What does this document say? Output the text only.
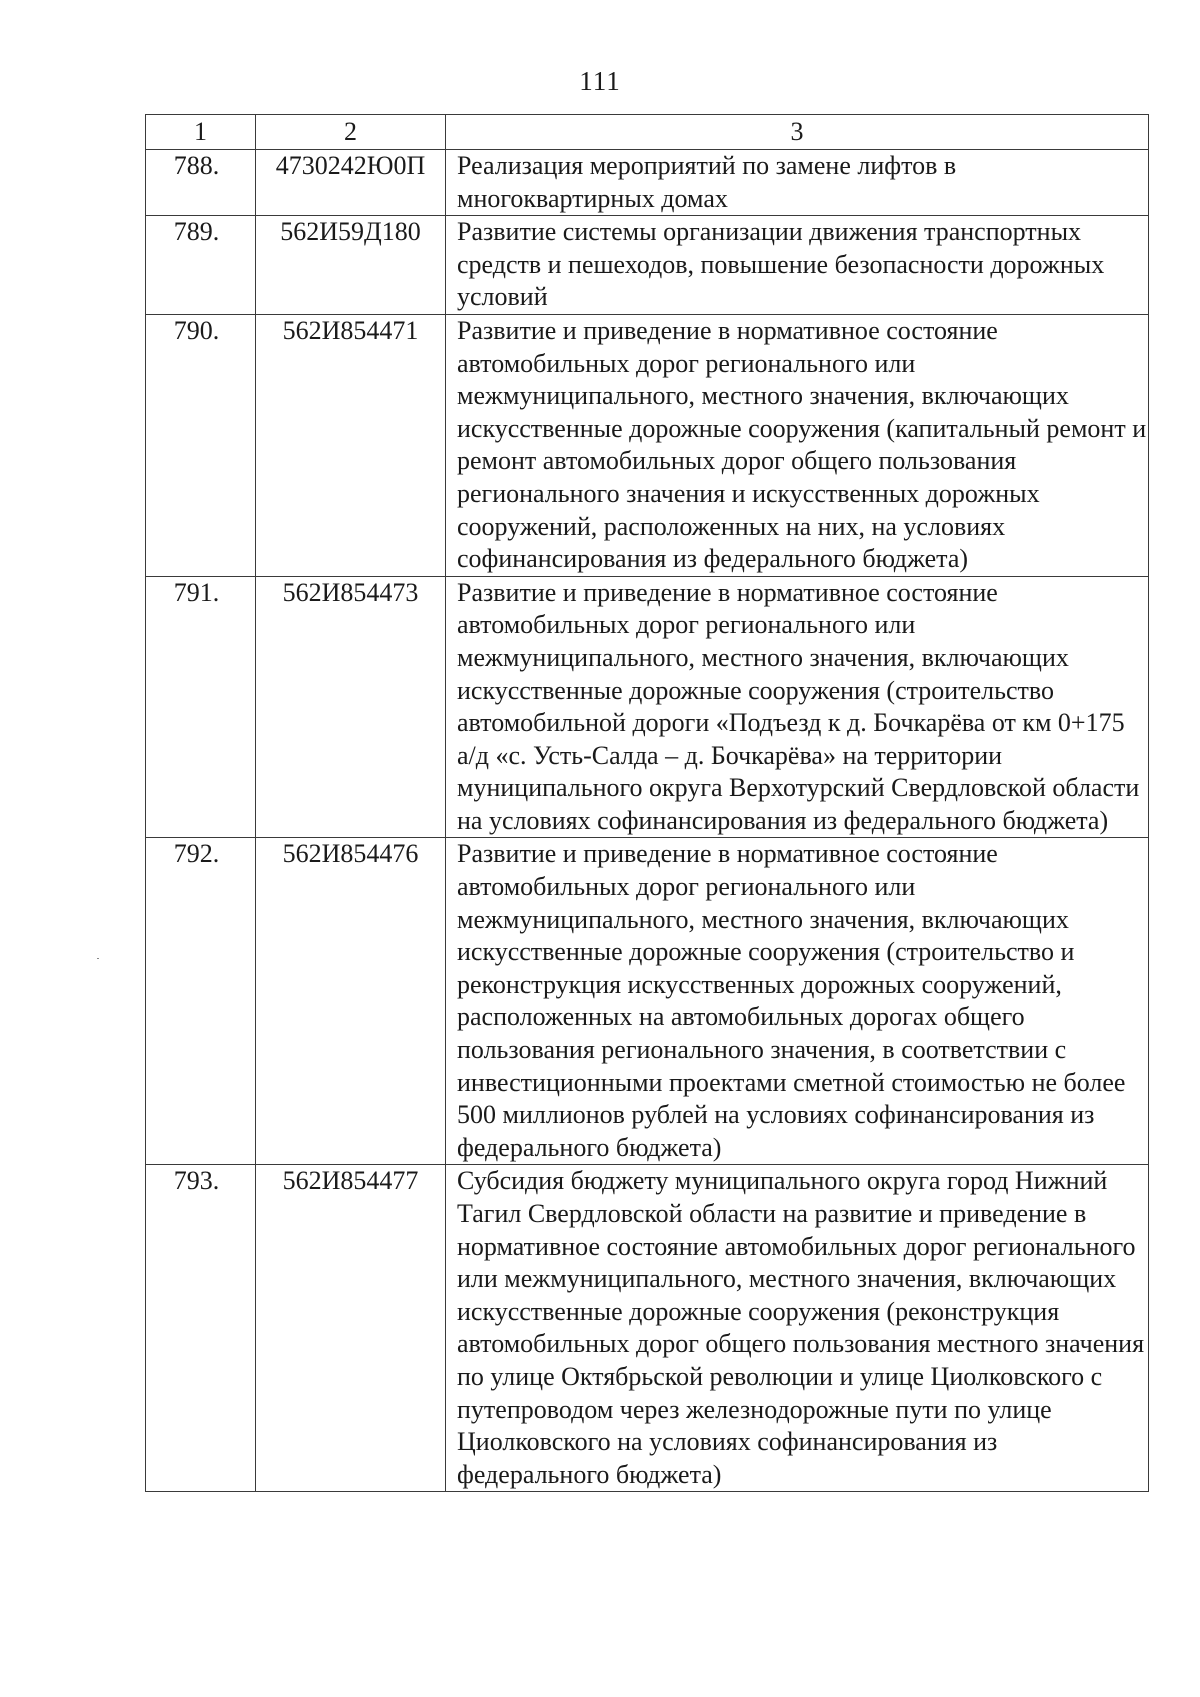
111
1	2	3
788.	4730242Ю0П	Реализация мероприятий по замене лифтов в многоквартирных домах
789.	562И59Д180	Развитие системы организации движения транспортных средств и пешеходов, повышение безопасности дорожных условий
790.	562И854471	Развитие и приведение в нормативное состояние автомобильных дорог регионального или межмуниципального, местного значения, включающих искусственные дорожные сооружения (капитальный ремонт и ремонт автомобильных дорог общего пользования регионального значения и искусственных дорожных сооружений, расположенных на них, на условиях софинансирования из федерального бюджета)
791.	562И854473	Развитие и приведение в нормативное состояние автомобильных дорог регионального или межмуниципального, местного значения, включающих искусственные дорожные сооружения (строительство автомобильной дороги «Подъезд к д. Бочкарёва от км 0+175 а/д «с. Усть-Салда – д. Бочкарёва» на территории муниципального округа Верхотурский Свердловской области на условиях софинансирования из федерального бюджета)
792.	562И854476	Развитие и приведение в нормативное состояние автомобильных дорог регионального или межмуниципального, местного значения, включающих искусственные дорожные сооружения (строительство и реконструкция искусственных дорожных сооружений, расположенных на автомобильных дорогах общего пользования регионального значения, в соответствии с инвестиционными проектами сметной стоимостью не более 500 миллионов рублей на условиях софинансирования из федерального бюджета)
793.	562И854477	Субсидия бюджету муниципального округа город Нижний Тагил Свердловской области на развитие и приведение в нормативное состояние автомобильных дорог регионального или межмуниципального, местного значения, включающих искусственные дорожные сооружения (реконструкция автомобильных дорог общего пользования местного значения по улице Октябрьской революции и улице Циолковского с путепроводом через железнодорожные пути по улице Циолковского на условиях софинансирования из федерального бюджета)
